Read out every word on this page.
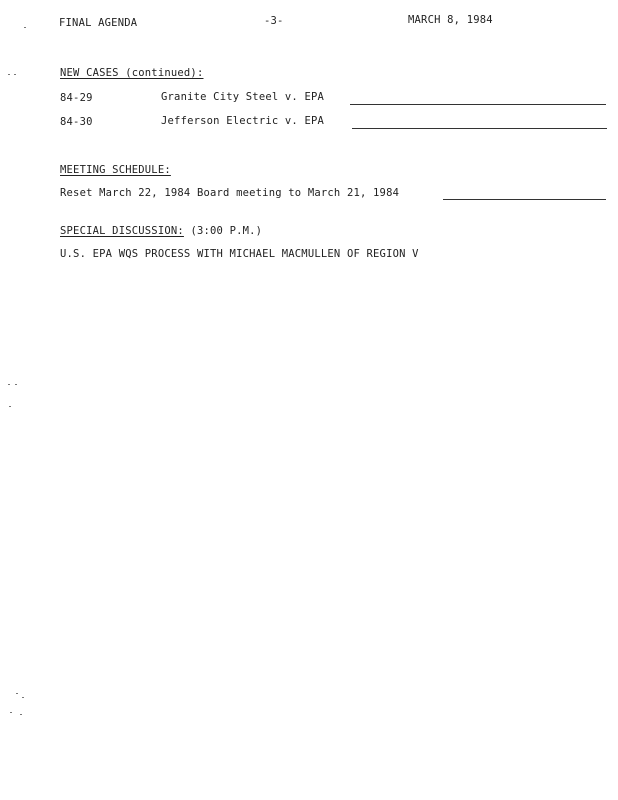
FINAL AGENDA	-3-	MARCH 8, 1984
NEW CASES (continued):
84-29	Granite City Steel v. EPA
84-30	Jefferson Electric v. EPA
MEETING SCHEDULE:
Reset March 22, 1984 Board meeting to March 21, 1984
SPECIAL DISCUSSION: (3:00 P.M.)
U.S. EPA WQS PROCESS WITH MICHAEL MACMULLEN OF REGION V
